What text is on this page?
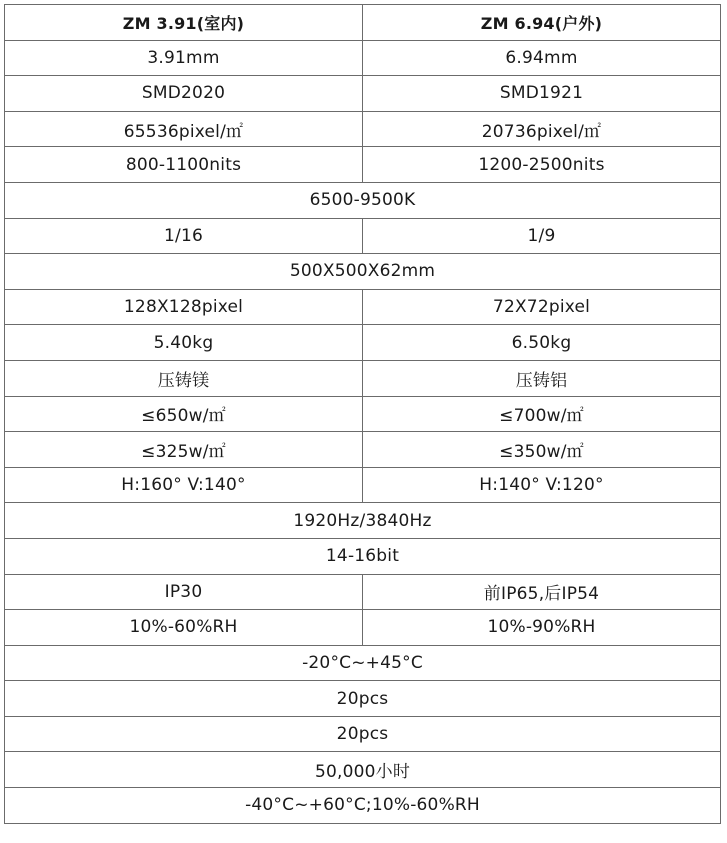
ZM 3.91(室内)	ZM 6.94(户外)
3.91mm	6.94mm
SMD2020	SMD1921
65536pixel/㎡	20736pixel/㎡
800-1100nits	1200-2500nits
6500-9500K	
1/16	1/9
500X500X62mm	
128X128pixel	72X72pixel
5.40kg	6.50kg
压铸镁	压铸铝
≤650w/㎡	≤700w/㎡
≤325w/㎡	≤350w/㎡
H:160° V:140°	H:140° V:120°
1920Hz/3840Hz	
14-16bit	
IP30	前IP65,后IP54
10%-60%RH	10%-90%RH
-20°C~+45°C	
20pcs	
20pcs	
50,000小时	
-40°C~+60°C;10%-60%RH	
